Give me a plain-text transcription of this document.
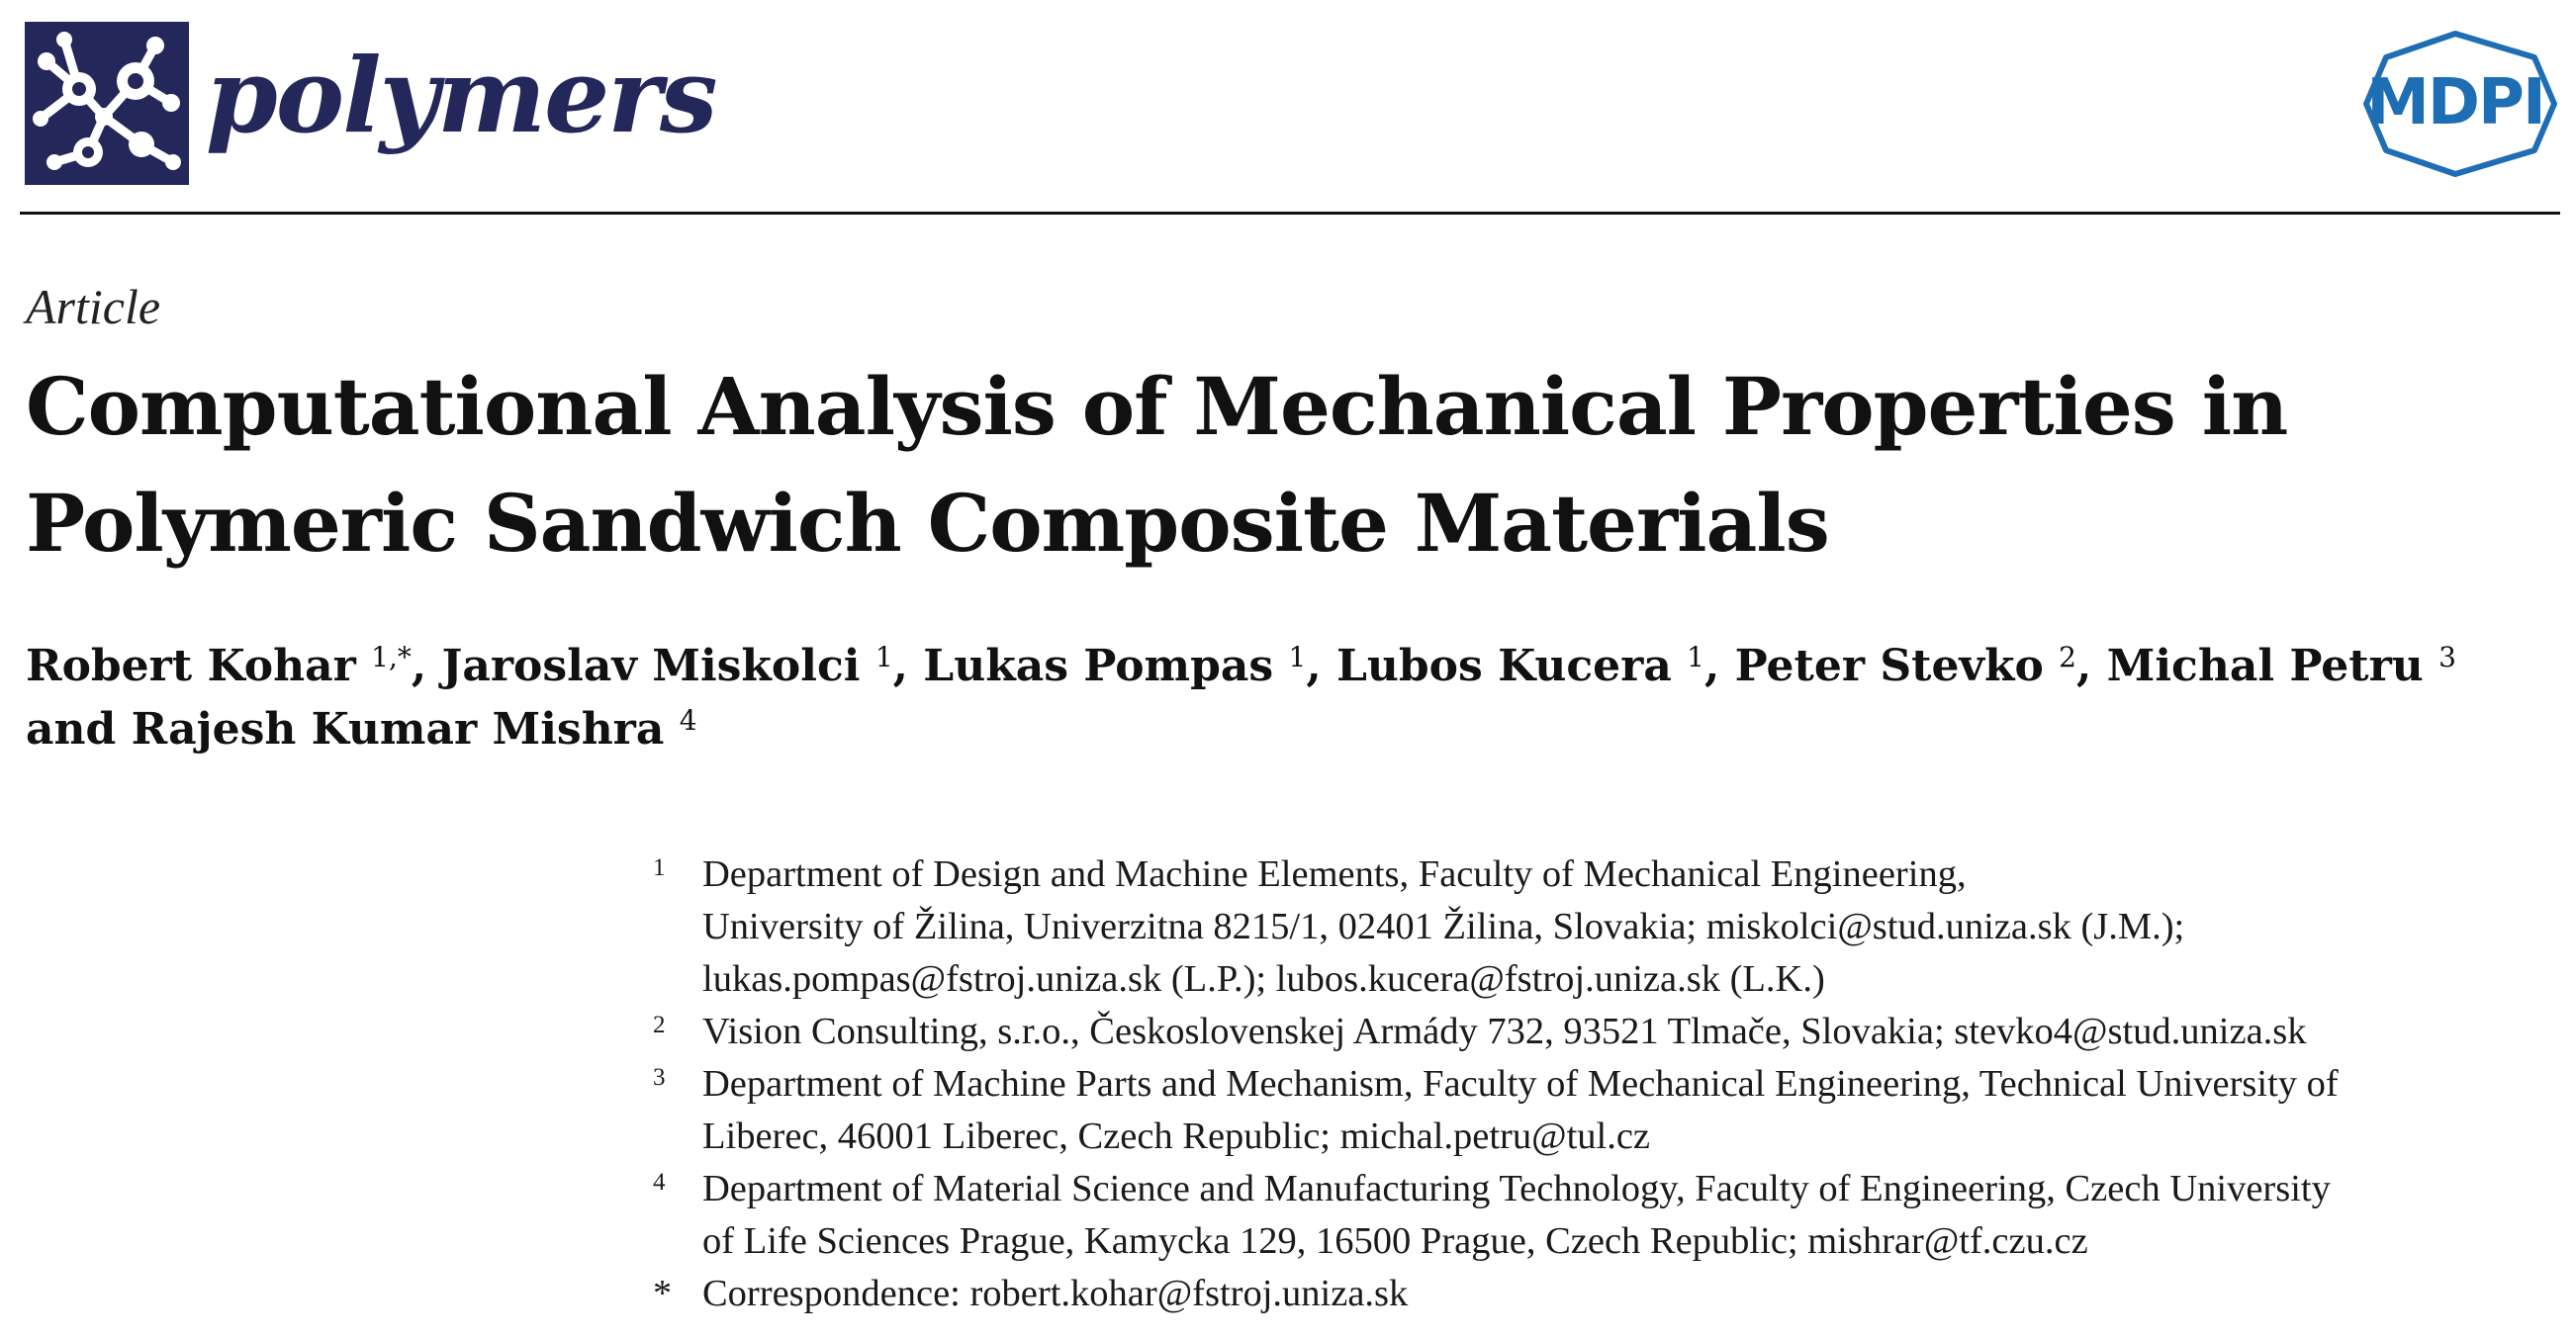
polymers	MDPI
Article
Computational Analysis of Mechanical Properties in Polymeric Sandwich Composite Materials
Robert Kohar $^{1,*}$, Jaroslav Miskolci $^1$, Lukas Pompas $^1$, Lubos Kucera $^1$, Peter Stevko $^2$, Michal Petru $^3$
and Rajesh Kumar Mishra $^4$
1 Department of Design and Machine Elements, Faculty of Mechanical Engineering,
University of Žilina, Univerzitna 8215/1, 02401 Žilina, Slovakia; miskolci@stud.uniza.sk (J.M.);
lukas.pompas@fstroj.uniza.sk (L.P.); lubos.kucera@fstroj.uniza.sk (L.K.)
2 Vision Consulting, s.r.o., Československej Armády 732, 93521 Tlmače, Slovakia; stevko4@stud.uniza.sk
3 Department of Machine Parts and Mechanism, Faculty of Mechanical Engineering, Technical University of
Liberec, 46001 Liberec, Czech Republic; michal.petru@tul.cz
4 Department of Material Science and Manufacturing Technology, Faculty of Engineering, Czech University
of Life Sciences Prague, Kamycka 129, 16500 Prague, Czech Republic; mishrar@tf.czu.cz
* Correspondence: robert.kohar@fstroj.uniza.sk
